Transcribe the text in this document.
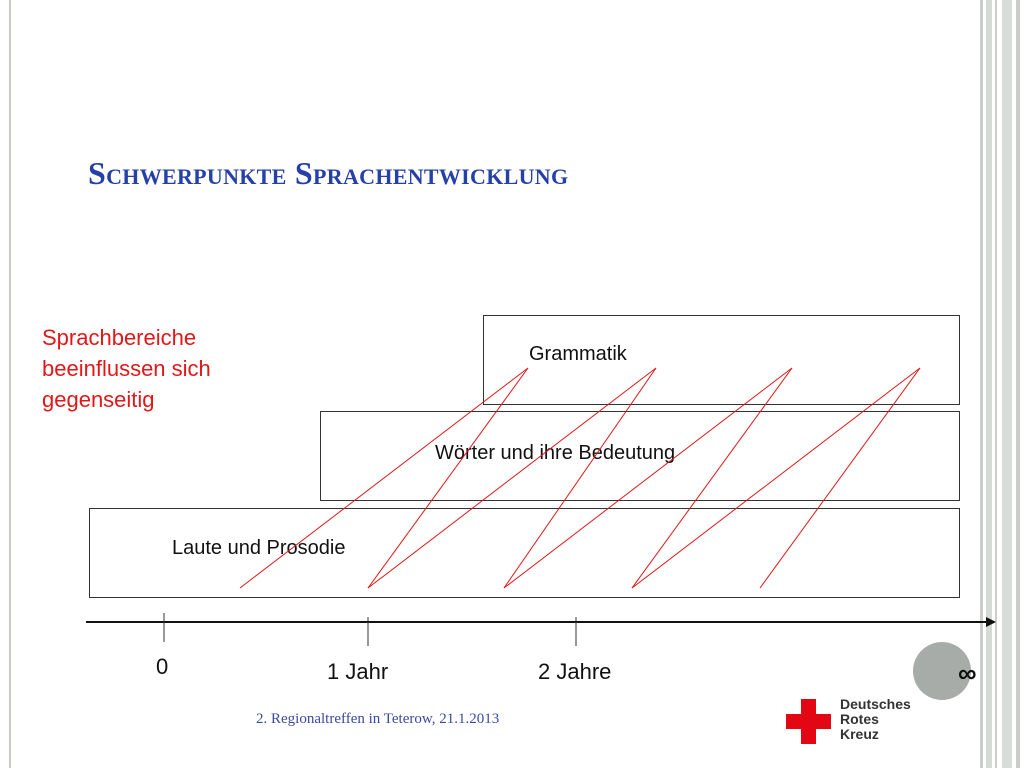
Schwerpunkte Sprachentwicklung
Sprachbereiche beeinflussen sich gegenseitig
Grammatik
Wörter und ihre Bedeutung
Laute und Prosodie
0	1 Jahr	2 Jahre	∞
2. Regionaltreffen in Teterow, 21.1.2013
Deutsches
Rotes
Kreuz
